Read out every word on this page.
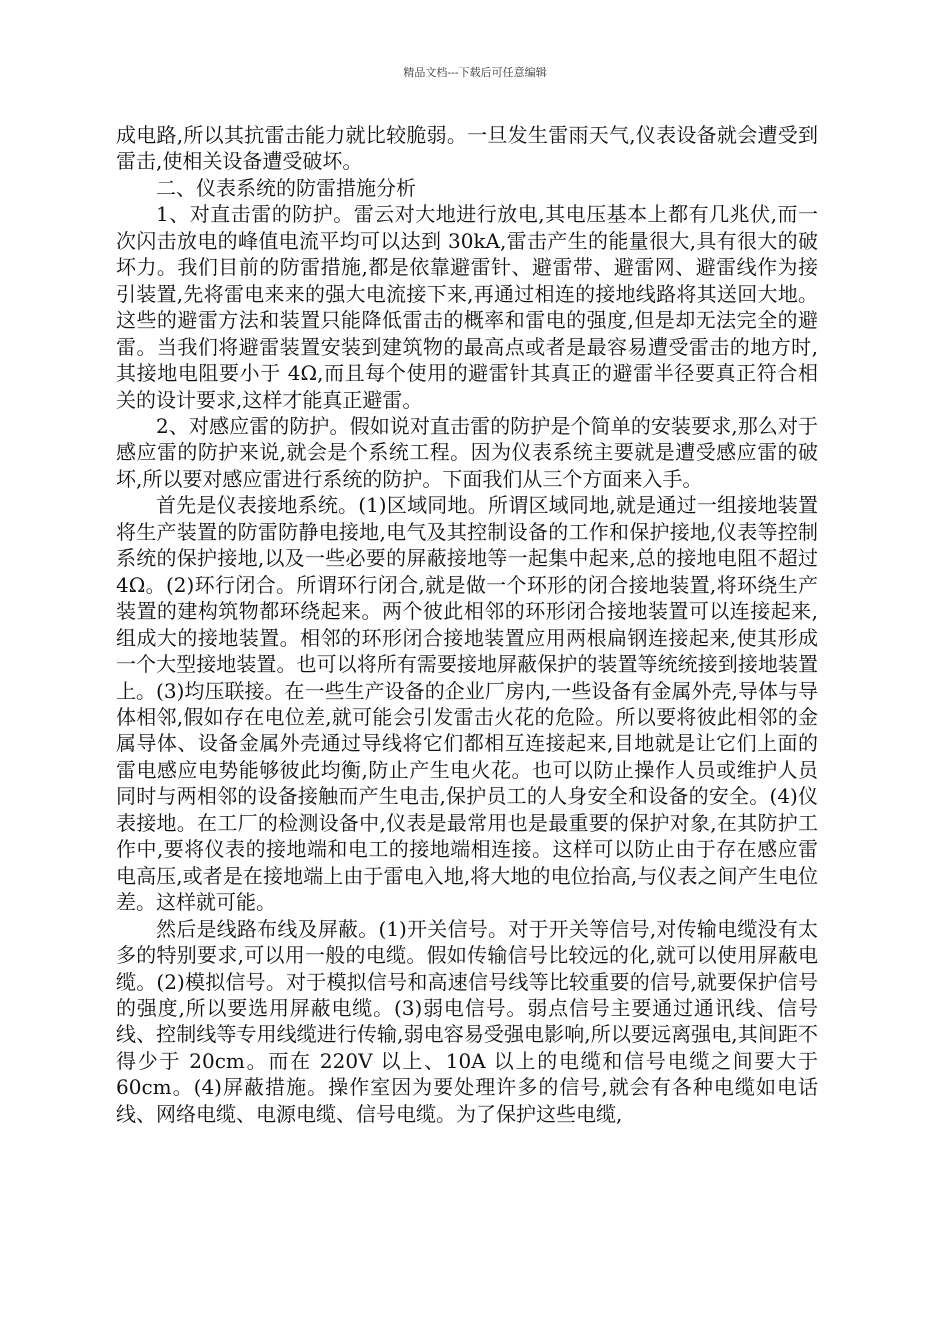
精品文档---下载后可任意编辑

成电路,所以其抗雷击能力就比较脆弱。一旦发生雷雨天气,仪表设备就会遭受到雷击,使相关设备遭受破坏。

二、仪表系统的防雷措施分析

1、对直击雷的防护。雷云对大地进行放电,其电压基本上都有几兆伏,而一次闪击放电的峰值电流平均可以达到 30kA,雷击产生的能量很大,具有很大的破坏力。我们目前的防雷措施,都是依靠避雷针、避雷带、避雷网、避雷线作为接引装置,先将雷电来来的强大电流接下来,再通过相连的接地线路将其送回大地。这些的避雷方法和装置只能降低雷击的概率和雷电的强度,但是却无法完全的避雷。当我们将避雷装置安装到建筑物的最高点或者是最容易遭受雷击的地方时,其接地电阻要小于 4Ω,而且每个使用的避雷针其真正的避雷半径要真正符合相关的设计要求,这样才能真正避雷。

2、对感应雷的防护。假如说对直击雷的防护是个简单的安装要求,那么对于感应雷的防护来说,就会是个系统工程。因为仪表系统主要就是遭受感应雷的破坏,所以要对感应雷进行系统的防护。下面我们从三个方面来入手。

首先是仪表接地系统。(1)区域同地。所谓区域同地,就是通过一组接地装置将生产装置的防雷防静电接地,电气及其控制设备的工作和保护接地,仪表等控制系统的保护接地,以及一些必要的屏蔽接地等一起集中起来,总的接地电阻不超过 4Ω。(2)环行闭合。所谓环行闭合,就是做一个环形的闭合接地装置,将环绕生产装置的建构筑物都环绕起来。两个彼此相邻的环形闭合接地装置可以连接起来,组成大的接地装置。相邻的环形闭合接地装置应用两根扁钢连接起来,使其形成一个大型接地装置。也可以将所有需要接地屏蔽保护的装置等统统接到接地装置上。(3)均压联接。在一些生产设备的企业厂房内,一些设备有金属外壳,导体与导体相邻,假如存在电位差,就可能会引发雷击火花的危险。所以要将彼此相邻的金属导体、设备金属外壳通过导线将它们都相互连接起来,目地就是让它们上面的雷电感应电势能够彼此均衡,防止产生电火花。也可以防止操作人员或维护人员同时与两相邻的设备接触而产生电击,保护员工的人身安全和设备的安全。(4)仪表接地。在工厂的检测设备中,仪表是最常用也是最重要的保护对象,在其防护工作中,要将仪表的接地端和电工的接地端相连接。这样可以防止由于存在感应雷电高压,或者是在接地端上由于雷电入地,将大地的电位抬高,与仪表之间产生电位差。这样就可能。

然后是线路布线及屏蔽。(1)开关信号。对于开关等信号,对传输电缆没有太多的特别要求,可以用一般的电缆。假如传输信号比较远的化,就可以使用屏蔽电缆。(2)模拟信号。对于模拟信号和高速信号线等比较重要的信号,就要保护信号的强度,所以要选用屏蔽电缆。(3)弱电信号。弱点信号主要通过通讯线、信号线、控制线等专用线缆进行传输,弱电容易受强电影响,所以要远离强电,其间距不得少于 20cm。而在 220V 以上、10A 以上的电缆和信号电缆之间要大于60cm。(4)屏蔽措施。操作室因为要处理许多的信号,就会有各种电缆如电话线、网络电缆、电源电缆、信号电缆。为了保护这些电缆,
